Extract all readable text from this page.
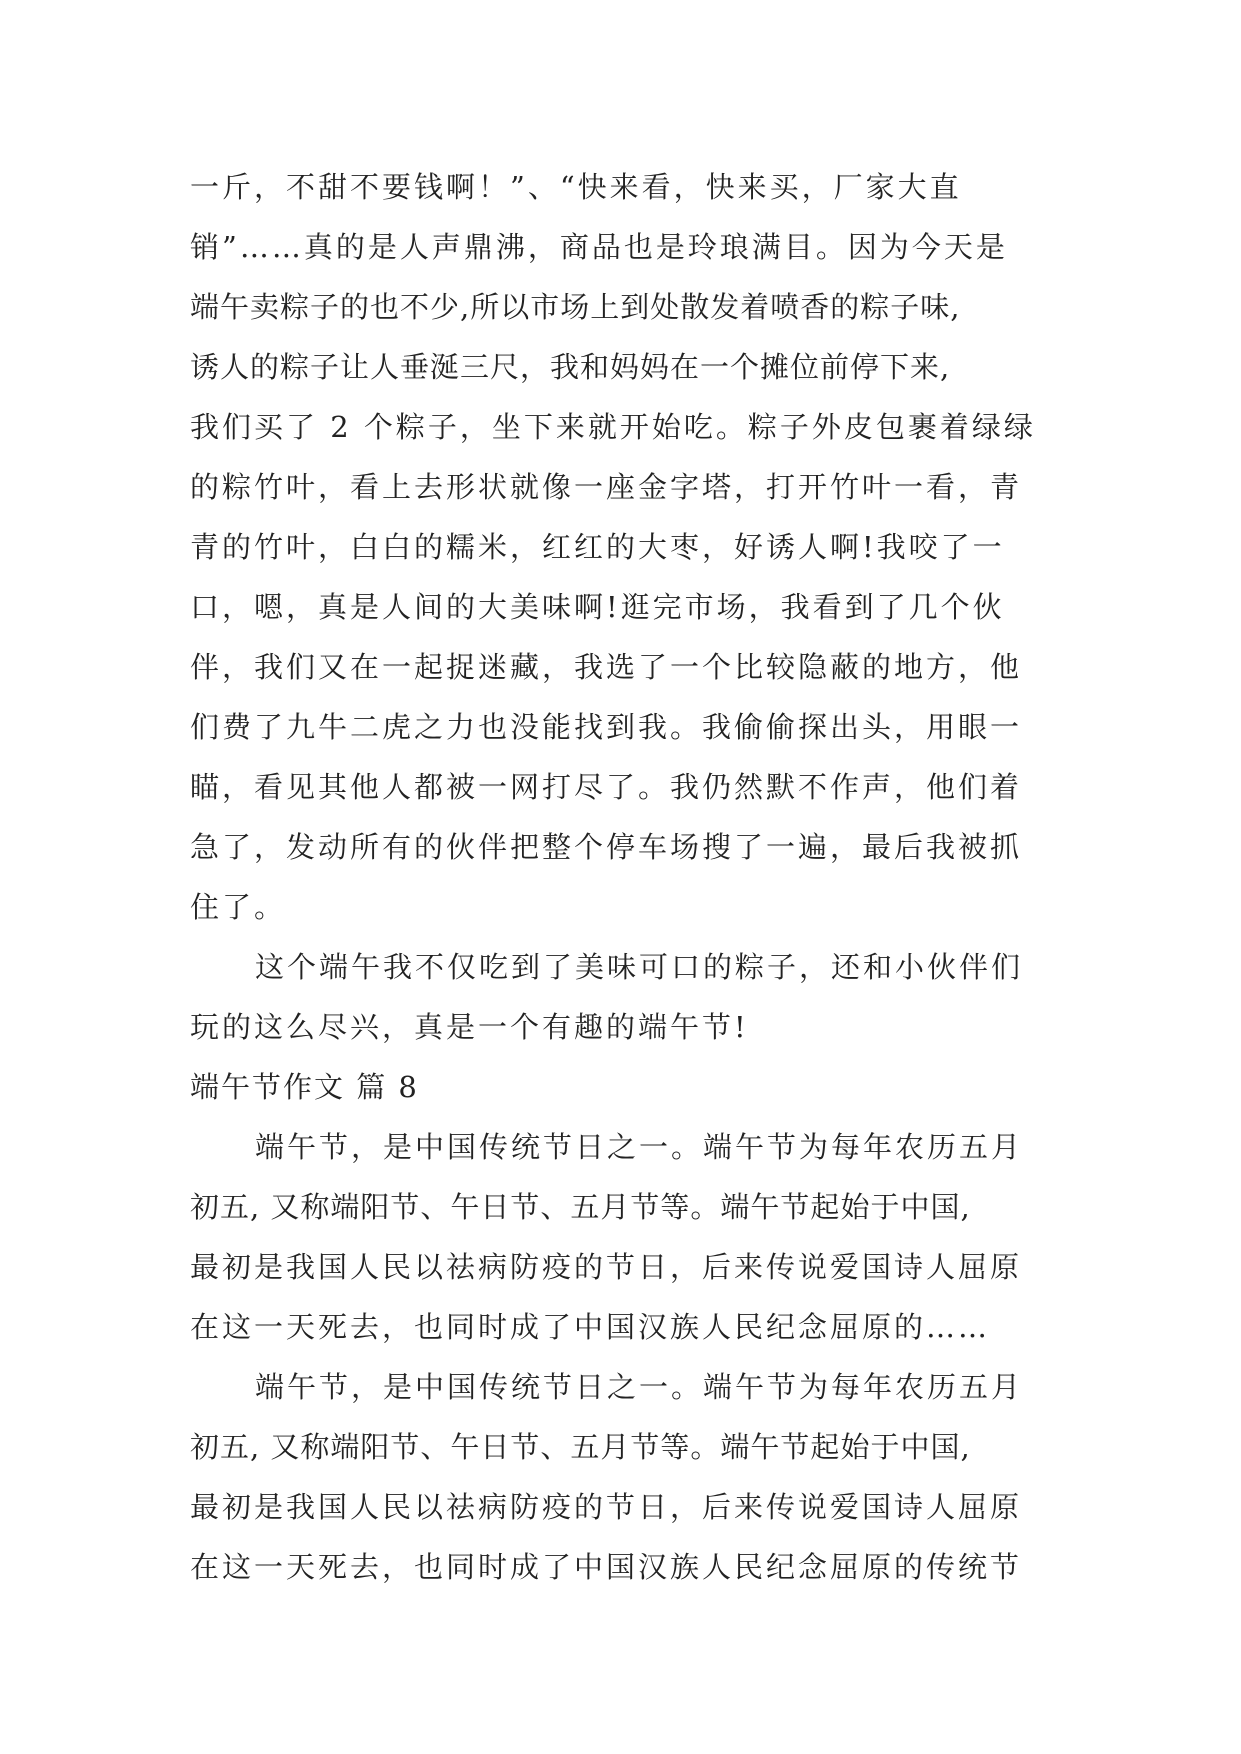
一斤，不甜不要钱啊！”、“快来看，快来买，厂家大直
销”……真的是人声鼎沸，商品也是玲琅满目。因为今天是
端午卖粽子的也不少,所以市场上到处散发着喷香的粽子味,
诱人的粽子让人垂涎三尺，我和妈妈在一个摊位前停下来,
我们买了 2 个粽子，坐下来就开始吃。粽子外皮包裹着绿绿
的粽竹叶，看上去形状就像一座金字塔，打开竹叶一看，青
青的竹叶，白白的糯米，红红的大枣，好诱人啊!我咬了一
口，嗯，真是人间的大美味啊!逛完市场，我看到了几个伙
伴，我们又在一起捉迷藏，我选了一个比较隐蔽的地方，他
们费了九牛二虎之力也没能找到我。我偷偷探出头，用眼一
瞄，看见其他人都被一网打尽了。我仍然默不作声，他们着
急了，发动所有的伙伴把整个停车场搜了一遍，最后我被抓
住了。
这个端午我不仅吃到了美味可口的粽子，还和小伙伴们
玩的这么尽兴，真是一个有趣的端午节!
端午节作文 篇 8
端午节，是中国传统节日之一。端午节为每年农历五月
初五, 又称端阳节、午日节、五月节等。端午节起始于中国,
最初是我国人民以祛病防疫的节日，后来传说爱国诗人屈原
在这一天死去，也同时成了中国汉族人民纪念屈原的……
端午节，是中国传统节日之一。端午节为每年农历五月
初五, 又称端阳节、午日节、五月节等。端午节起始于中国,
最初是我国人民以祛病防疫的节日，后来传说爱国诗人屈原
在这一天死去，也同时成了中国汉族人民纪念屈原的传统节
